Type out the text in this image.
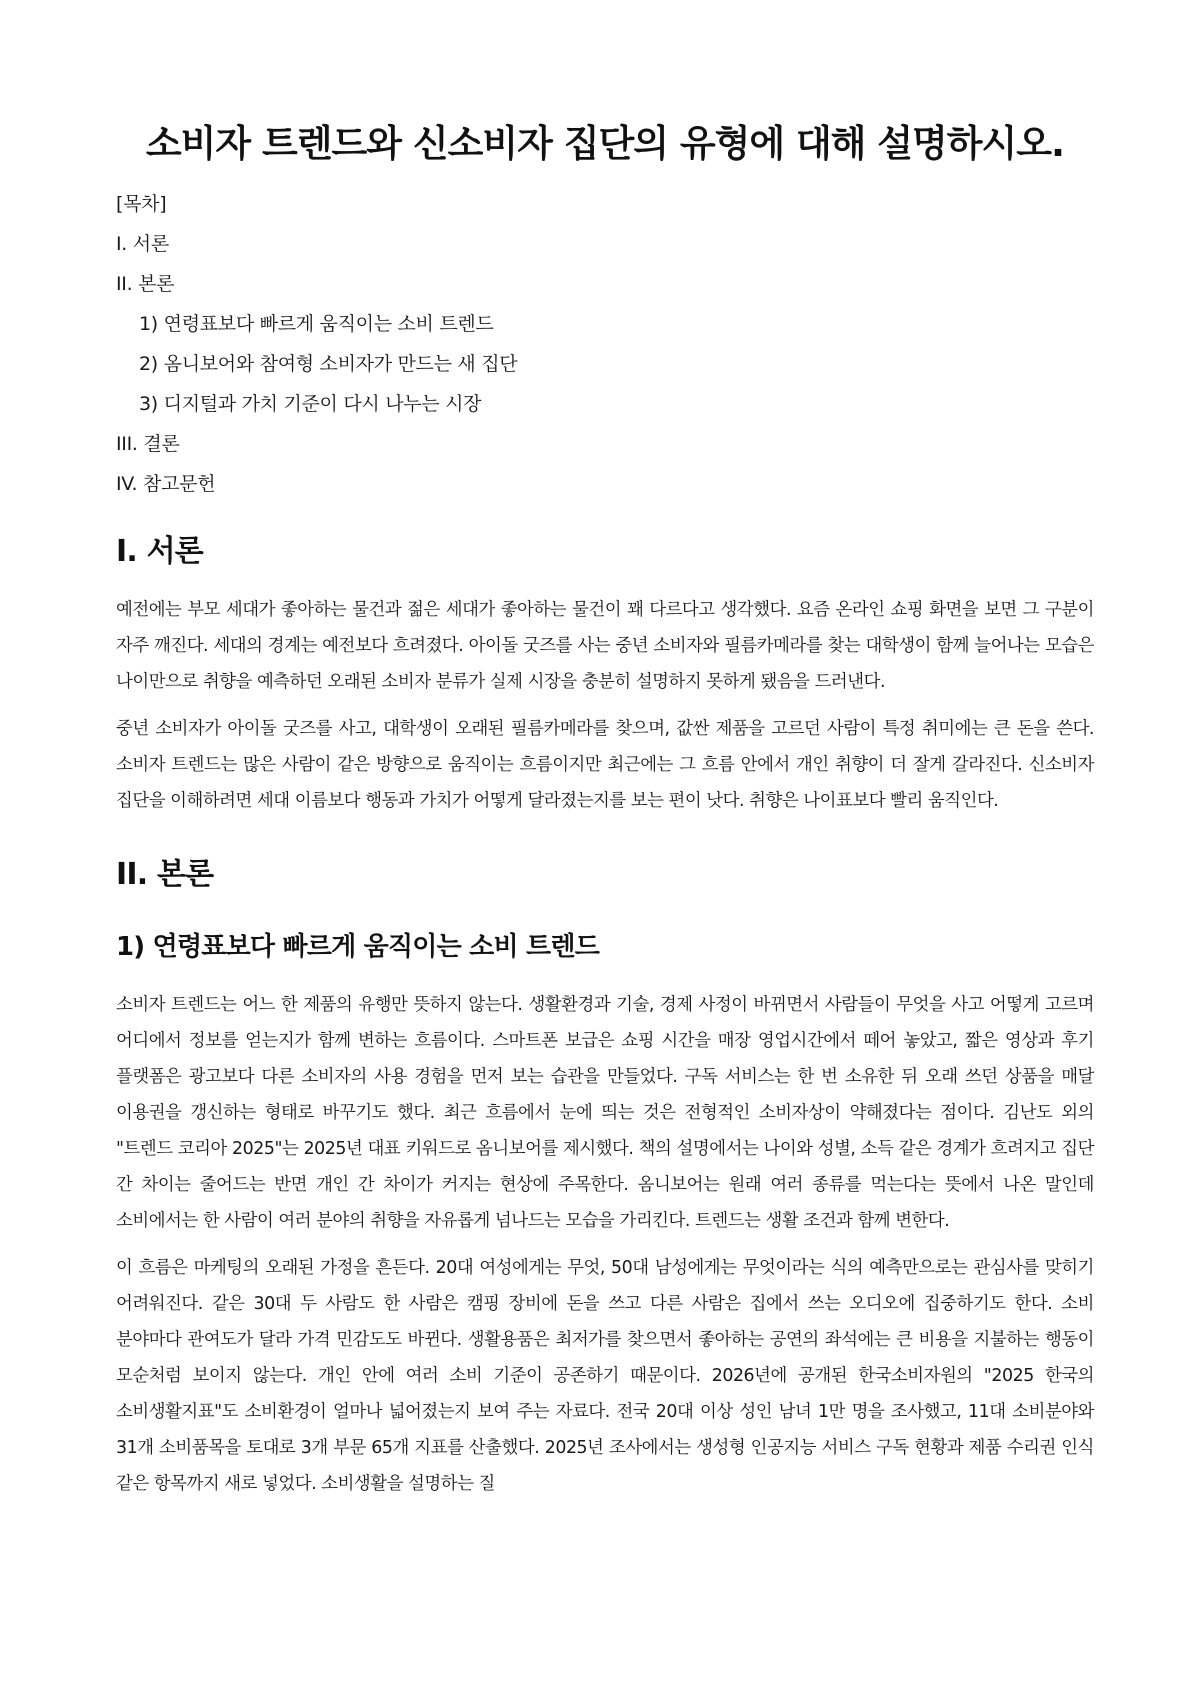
소비자 트렌드와 신소비자 집단의 유형에 대해 설명하시오.
[목차]
I. 서론
II. 본론
1) 연령표보다 빠르게 움직이는 소비 트렌드
2) 옴니보어와 참여형 소비자가 만드는 새 집단
3) 디지털과 가치 기준이 다시 나누는 시장
III. 결론
IV. 참고문헌
I. 서론

예전에는 부모 세대가 좋아하는 물건과 젊은 세대가 좋아하는 물건이 꽤 다르다고 생각했다. 요즘 온라인 쇼핑 화면을 보면 그 구분이 자주 깨진다. 세대의 경계는 예전보다 흐려졌다. 아이돌 굿즈를 사는 중년 소비자와 필름카메라를 찾는 대학생이 함께 늘어나는 모습은 나이만으로 취향을 예측하던 오래된 소비자 분류가 실제 시장을 충분히 설명하지 못하게 됐음을 드러낸다.

중년 소비자가 아이돌 굿즈를 사고, 대학생이 오래된 필름카메라를 찾으며, 값싼 제품을 고르던 사람이 특정 취미에는 큰 돈을 쓴다. 소비자 트렌드는 많은 사람이 같은 방향으로 움직이는 흐름이지만 최근에는 그 흐름 안에서 개인 취향이 더 잘게 갈라진다. 신소비자 집단을 이해하려면 세대 이름보다 행동과 가치가 어떻게 달라졌는지를 보는 편이 낫다. 취향은 나이표보다 빨리 움직인다.

II. 본론
1) 연령표보다 빠르게 움직이는 소비 트렌드

소비자 트렌드는 어느 한 제품의 유행만 뜻하지 않는다. 생활환경과 기술, 경제 사정이 바뀌면서 사람들이 무엇을 사고 어떻게 고르며 어디에서 정보를 얻는지가 함께 변하는 흐름이다. 스마트폰 보급은 쇼핑 시간을 매장 영업시간에서 떼어 놓았고, 짧은 영상과 후기 플랫폼은 광고보다 다른 소비자의 사용 경험을 먼저 보는 습관을 만들었다. 구독 서비스는 한 번 소유한 뒤 오래 쓰던 상품을 매달 이용권을 갱신하는 형태로 바꾸기도 했다. 최근 흐름에서 눈에 띄는 것은 전형적인 소비자상이 약해졌다는 점이다. 김난도 외의 "트렌드 코리아 2025"는 2025년 대표 키워드로 옴니보어를 제시했다. 책의 설명에서는 나이와 성별, 소득 같은 경계가 흐려지고 집단 간 차이는 줄어드는 반면 개인 간 차이가 커지는 현상에 주목한다. 옴니보어는 원래 여러 종류를 먹는다는 뜻에서 나온 말인데 소비에서는 한 사람이 여러 분야의 취향을 자유롭게 넘나드는 모습을 가리킨다. 트렌드는 생활 조건과 함께 변한다.

이 흐름은 마케팅의 오래된 가정을 흔든다. 20대 여성에게는 무엇, 50대 남성에게는 무엇이라는 식의 예측만으로는 관심사를 맞히기 어려워진다. 같은 30대 두 사람도 한 사람은 캠핑 장비에 돈을 쓰고 다른 사람은 집에서 쓰는 오디오에 집중하기도 한다. 소비 분야마다 관여도가 달라 가격 민감도도 바뀐다. 생활용품은 최저가를 찾으면서 좋아하는 공연의 좌석에는 큰 비용을 지불하는 행동이 모순처럼 보이지 않는다. 개인 안에 여러 소비 기준이 공존하기 때문이다. 2026년에 공개된 한국소비자원의 "2025 한국의 소비생활지표"도 소비환경이 얼마나 넓어졌는지 보여 주는 자료다. 전국 20대 이상 성인 남녀 1만 명을 조사했고, 11대 소비분야와 31개 소비품목을 토대로 3개 부문 65개 지표를 산출했다. 2025년 조사에서는 생성형 인공지능 서비스 구독 현황과 제품 수리권 인식 같은 항목까지 새로 넣었다. 소비생활을 설명하는 질
